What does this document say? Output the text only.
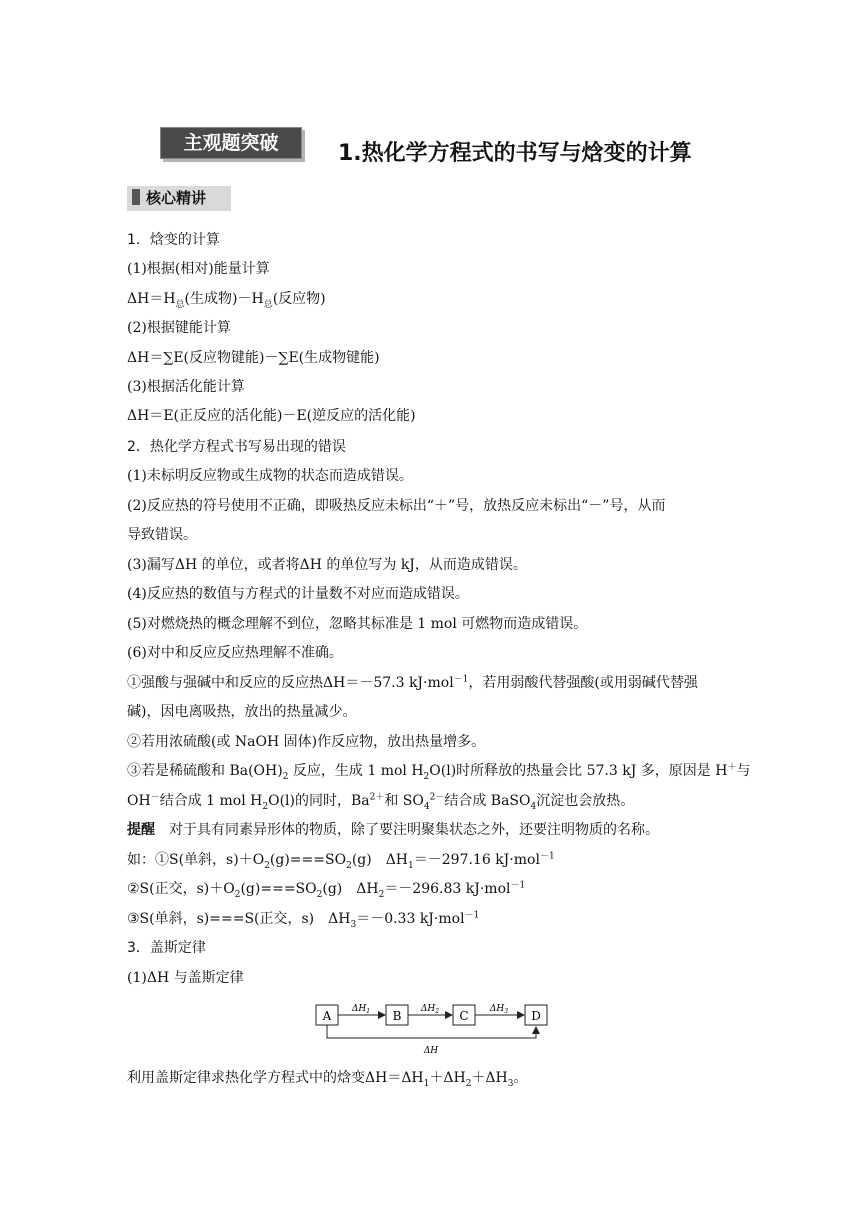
主观题突破	1.热化学方程式的书写与焓变的计算
核心精讲
1．焓变的计算
(1)根据(相对)能量计算
$\Delta H=H_总$(生成物)$-H_总$(反应物)
(2)根据键能计算
ΔH＝∑E(反应物键能)－∑E(生成物键能)
(3)根据活化能计算
ΔH＝E(正反应的活化能)－E(逆反应的活化能)
2．热化学方程式书写易出现的错误
(1)未标明反应物或生成物的状态而造成错误。
(2)反应热的符号使用不正确，即吸热反应未标出“＋”号，放热反应未标出“－”号，从而
导致错误。
(3)漏写ΔH 的单位，或者将ΔH 的单位写为 kJ，从而造成错误。
(4)反应热的数值与方程式的计量数不对应而造成错误。
(5)对燃烧热的概念理解不到位，忽略其标准是 1 mol 可燃物而造成错误。
(6)对中和反应反应热理解不准确。
①强酸与强碱中和反应的反应热ΔH＝－57.3 kJ·mol$^{-1}$，若用弱酸代替强酸(或用弱碱代替强
碱)，因电离吸热，放出的热量减少。
②若用浓硫酸(或 NaOH 固体)作反应物，放出热量增多。
③若是稀硫酸和 $Ba(OH)_2$ 反应，生成 1 mol $H_2O(l)$时所释放的热量会比 57.3 kJ 多，原因是 H＋与
OH－结合成 1 mol $H_2O(l)$的同时，$Ba^{2+}$和 $SO_4^{2-}$结合成 BaSO$_4$沉淀也会放热。
提醒　 对于具有同素异形体的物质，除了要注明聚集状态之外，还要注明物质的名称。
如：①S(单斜，$s)+O_2(g)===SO_2(g)$　$\Delta H_1=-297.16$ kJ·mol$^{-1}$
②S(正交，$s)+O_2(g)===SO_2(g)$　$\Delta H_2=-296.83$ kJ·mol$^{-1}$
③S(单斜，s)===S(正交，s)　$\Delta H_3=-0.33$ kJ·mol$^{-1}$
3．盖斯定律
(1)ΔH 与盖斯定律
A	B	C	D
$\Delta H_1$	$\Delta H_2$	$\Delta H_3$
ΔH
利用盖斯定律求热化学方程式中的焓变$\Delta H=\Delta H_1+\Delta H_2+\Delta H_3$。
